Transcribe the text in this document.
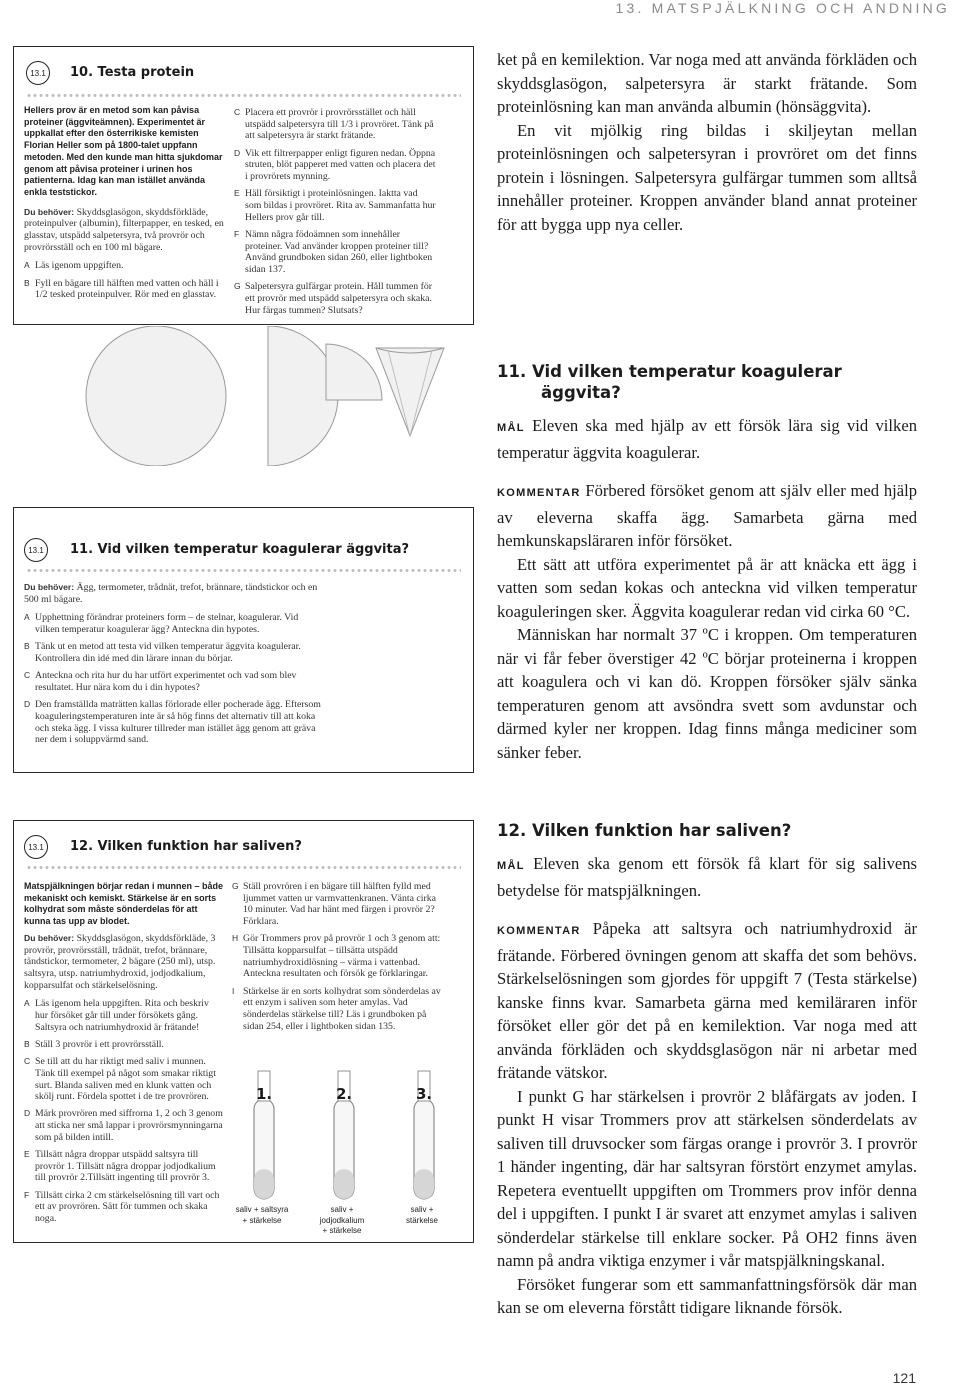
13. MATSPJÄLKNING OCH ANDNING
13.1	10. Testa protein

Hellers prov är en metod som kan påvisa proteiner (äggviteämnen). Experimentet är uppkallat efter den österrikiske kemisten Florian Heller som på 1800-talet uppfann metoden. Med den kunde man hitta sjukdomar genom att påvisa proteiner i urinen hos patienterna. Idag kan man istället använda enkla teststickor.

Du behöver: Skyddsglasögon, skyddsförkläde, proteinpulver (albumin), filterpapper, en tesked, en glasstav, utspädd salpetersyra, två provrör och provrörsställ och en 100 ml bägare.

A Läs igenom uppgiften.
B Fyll en bägare till hälften med vatten och häll i 1/2 tesked proteinpulver. Rör med en glasstav.
C Placera ett provrör i provrörsstället och häll utspädd salpetersyra till 1/3 i provröret. Tänk på att salpetersyra är starkt frätande.
D Vik ett filtrerpapper enligt figuren nedan. Öppna struten, blöt papperet med vatten och placera det i provrörets mynning.
E Häll försiktigt i proteinlösningen. Iaktta vad som bildas i provröret. Rita av. Sammanfatta hur Hellers prov går till.
F Nämn några födoämnen som innehåller proteiner. Vad använder kroppen proteiner till? Använd grundboken sidan 260, eller lightboken sidan 137.
G Salpetersyra gulfärgar protein. Håll tummen för ett provrör med utspädd salpetersyra och skaka. Hur färgas tummen? Slutsats?
13.1	11. Vid vilken temperatur koagulerar äggvita?

Du behöver: Ägg, termometer, trådnät, trefot, brännare, tändstickor och en 500 ml bägare.

A Upphettning förändrar proteiners form – de stelnar, koagulerar. Vid vilken temperatur koagulerar ägg? Anteckna din hypotes.
B Tänk ut en metod att testa vid vilken temperatur äggvita koagulerar. Kontrollera din idé med din lärare innan du börjar.
C Anteckna och rita hur du har utfört experimentet och vad som blev resultatet. Hur nära kom du i din hypotes?
D Den framställda maträtten kallas förlorade eller pocherade ägg. Eftersom koaguleringstemperaturen inte är så hög finns det alternativ till att koka och steka ägg. I vissa kulturer tillreder man istället ägg genom att gräva ner dem i soluppvärmd sand.
13.1	12. Vilken funktion har saliven?

Matspjälkningen börjar redan i munnen – både mekaniskt och kemiskt. Stärkelse är en sorts kolhydrat som måste sönderdelas för att kunna tas upp av blodet.

Du behöver: Skyddsglasögon, skyddsförkläde, 3 provrör, provrörsställ, trådnät, trefot, brännare, tändstickor, termometer, 2 bägare (250 ml), utsp. saltsyra, utsp. natriumhydroxid, jodjodkalium, kopparsulfat och stärkelselösning.

A Läs igenom hela uppgiften. Rita och beskriv hur försöket går till under försökets gång. Saltsyra och natriumhydroxid är frätande!
B Ställ 3 provrör i ett provrörsställ.
C Se till att du har riktigt med saliv i munnen. Tänk till exempel på något som smakar riktigt surt. Blanda saliven med en klunk vatten och skölj runt. Fördela spottet i de tre provrören.
D Märk provrören med siffrorna 1, 2 och 3 genom att sticka ner små lappar i provrörsmynningarna som på bilden intill.
E Tillsätt några droppar utspädd saltsyra till provrör 1. Tillsätt några droppar jodjodkalium till provrör 2.Tillsätt ingenting till provrör 3.
F Tillsätt cirka 2 cm stärkelselösning till vart och ett av provrören. Sätt för tummen och skaka noga.
G Ställ provrören i en bägare till hälften fylld med ljummet vatten ur varmvattenkranen. Vänta cirka 10 minuter. Vad har hänt med färgen i provrör 2? Förklara.
H Gör Trommers prov på provrör 1 och 3 genom att: Tillsätta kopparsulfat – tillsätta utspädd natriumhydroxidlösning – värma i vattenbad. Anteckna resultaten och försök ge förklaringar.
I Stärkelse är en sorts kolhydrat som sönderdelas av ett enzym i saliven som heter amylas. Vad sönderdelas stärkelse till? Läs i grundboken på sidan 254, eller i lightboken sidan 135.
1.	2.	3.
saliv + saltsyra
+ stärkelse
saliv +
jodjodkalium
+ stärkelse
saliv +
stärkelse

ket på en kemilektion. Var noga med att använda förkläden och skyddsglasögon, salpetersyra är starkt frätande. Som proteinlösning kan man använda albumin (hönsäggvita).

En vit mjölkig ring bildas i skiljeytan mellan proteinlösningen och salpetersyran i provröret om det finns protein i lösningen. Salpetersyra gulfärgar tummen som alltså innehåller proteiner. Kroppen använder bland annat proteiner för att bygga upp nya celler.

11. Vid vilken temperatur koagulerar äggvita?

MÅL Eleven ska med hjälp av ett försök lära sig vid vilken temperatur äggvita koagulerar.

KOMMENTAR Förbered försöket genom att själv eller med hjälp av eleverna skaffa ägg. Samarbeta gärna med hemkunskapsläraren inför försöket.

Ett sätt att utföra experimentet på är att knäcka ett ägg i vatten som sedan kokas och anteckna vid vilken temperatur koaguleringen sker. Äggvita koagulerar redan vid cirka 60 °C.

Människan har normalt 37 ºC i kroppen. Om temperaturen när vi får feber överstiger 42 ºC börjar proteinerna i kroppen att koagulera och vi kan dö. Kroppen försöker själv sänka temperaturen genom att avsöndra svett som avdunstar och därmed kyler ner kroppen. Idag finns många mediciner som sänker feber.

12. Vilken funktion har saliven?

MÅL Eleven ska genom ett försök få klart för sig salivens betydelse för matspjälkningen.

KOMMENTAR Påpeka att saltsyra och natriumhydroxid är frätande. Förbered övningen genom att skaffa det som behövs. Stärkelselösningen som gjordes för uppgift 7 (Testa stärkelse) kanske finns kvar. Samarbeta gärna med kemiläraren inför försöket eller gör det på en kemilektion. Var noga med att använda förkläden och skyddsglasögon när ni arbetar med frätande vätskor.

I punkt G har stärkelsen i provrör 2 blåfärgats av joden. I punkt H visar Trommers prov att stärkelsen sönderdelats av saliven till druvsocker som färgas orange i provrör 3. I provrör 1 händer ingenting, där har saltsyran förstört enzymet amylas. Repetera eventuellt uppgiften om Trommers prov inför denna del i uppgiften. I punkt I är svaret att enzymet amylas i saliven sönderdelar stärkelse till enklare socker. På OH2 finns även namn på andra viktiga enzymer i vår matspjälkningskanal.

Försöket fungerar som ett sammanfattningsförsök där man kan se om eleverna förstått tidigare liknande försök.

121
